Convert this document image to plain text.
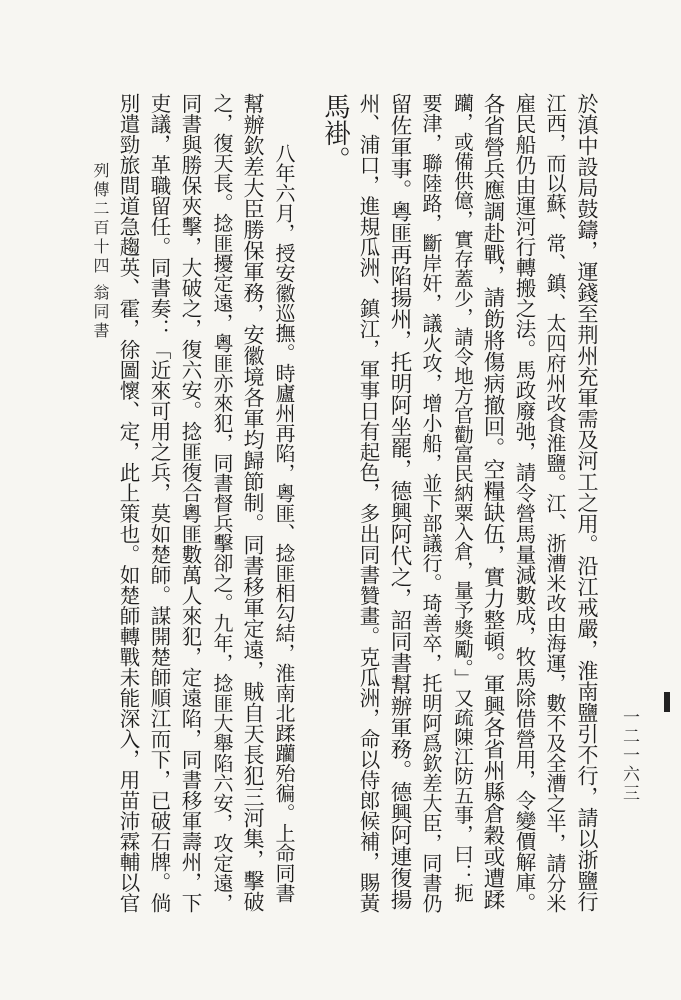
於滇中設局鼓鑄，運錢至荆州充軍需及河工之用。沿江戒嚴，淮南鹽引不行，請以浙鹽行
江西，而以蘇、常、鎮、太四府州改食淮鹽。江、浙漕米改由海運，數不及全漕之半，請分米
雇民船仍由運河行轉搬之法。馬政廢弛，請令營馬量減數成，牧馬除借營用，令變價解庫。
各省營兵應調赴戰，請飭將傷病撤回。空糧缺伍，實力整頓。軍興各省州縣倉穀或遭蹂
躪，或備供億，實存蓋少，請令地方官勸富民納粟入倉，量予獎勵。」又疏陳江防五事，曰：扼
要津，聯陸路，斷岸奸，議火攻，增小船，並下部議行。琦善卒，托明阿爲欽差大臣，同書仍
留佐軍事。粵匪再陷揚州，托明阿坐罷，德興阿代之，詔同書幫辦軍務。德興阿連復揚
州、浦口，進規瓜洲、鎮江，軍事日有起色，多出同書贊畫。克瓜洲，命以侍郎候補，賜黃
馬褂。
八年六月，授安徽巡撫。時廬州再陷，粵匪、捻匪相勾結，淮南北蹂躪殆徧。上命同書
幫辦欽差大臣勝保軍務，安徽境各軍均歸節制。同書移軍定遠，賊自天長犯三河集，擊破
之，復天長。捻匪擾定遠，粵匪亦來犯，同書督兵擊卻之。九年，捻匪大舉陷六安，攻定遠，
同書與勝保夾擊，大破之，復六安。捻匪復合粵匪數萬人來犯，定遠陷，同書移軍壽州，下
吏議，革職留任。同書奏：「近來可用之兵，莫如楚師。謀開楚師順江而下，已破石牌。倘
別遣勁旅間道急趨英、霍，徐圖懷、定，此上策也。如楚師轉戰未能深入，用苗沛霖輔以官
列傳二百十四 翁同書
一二一六三
